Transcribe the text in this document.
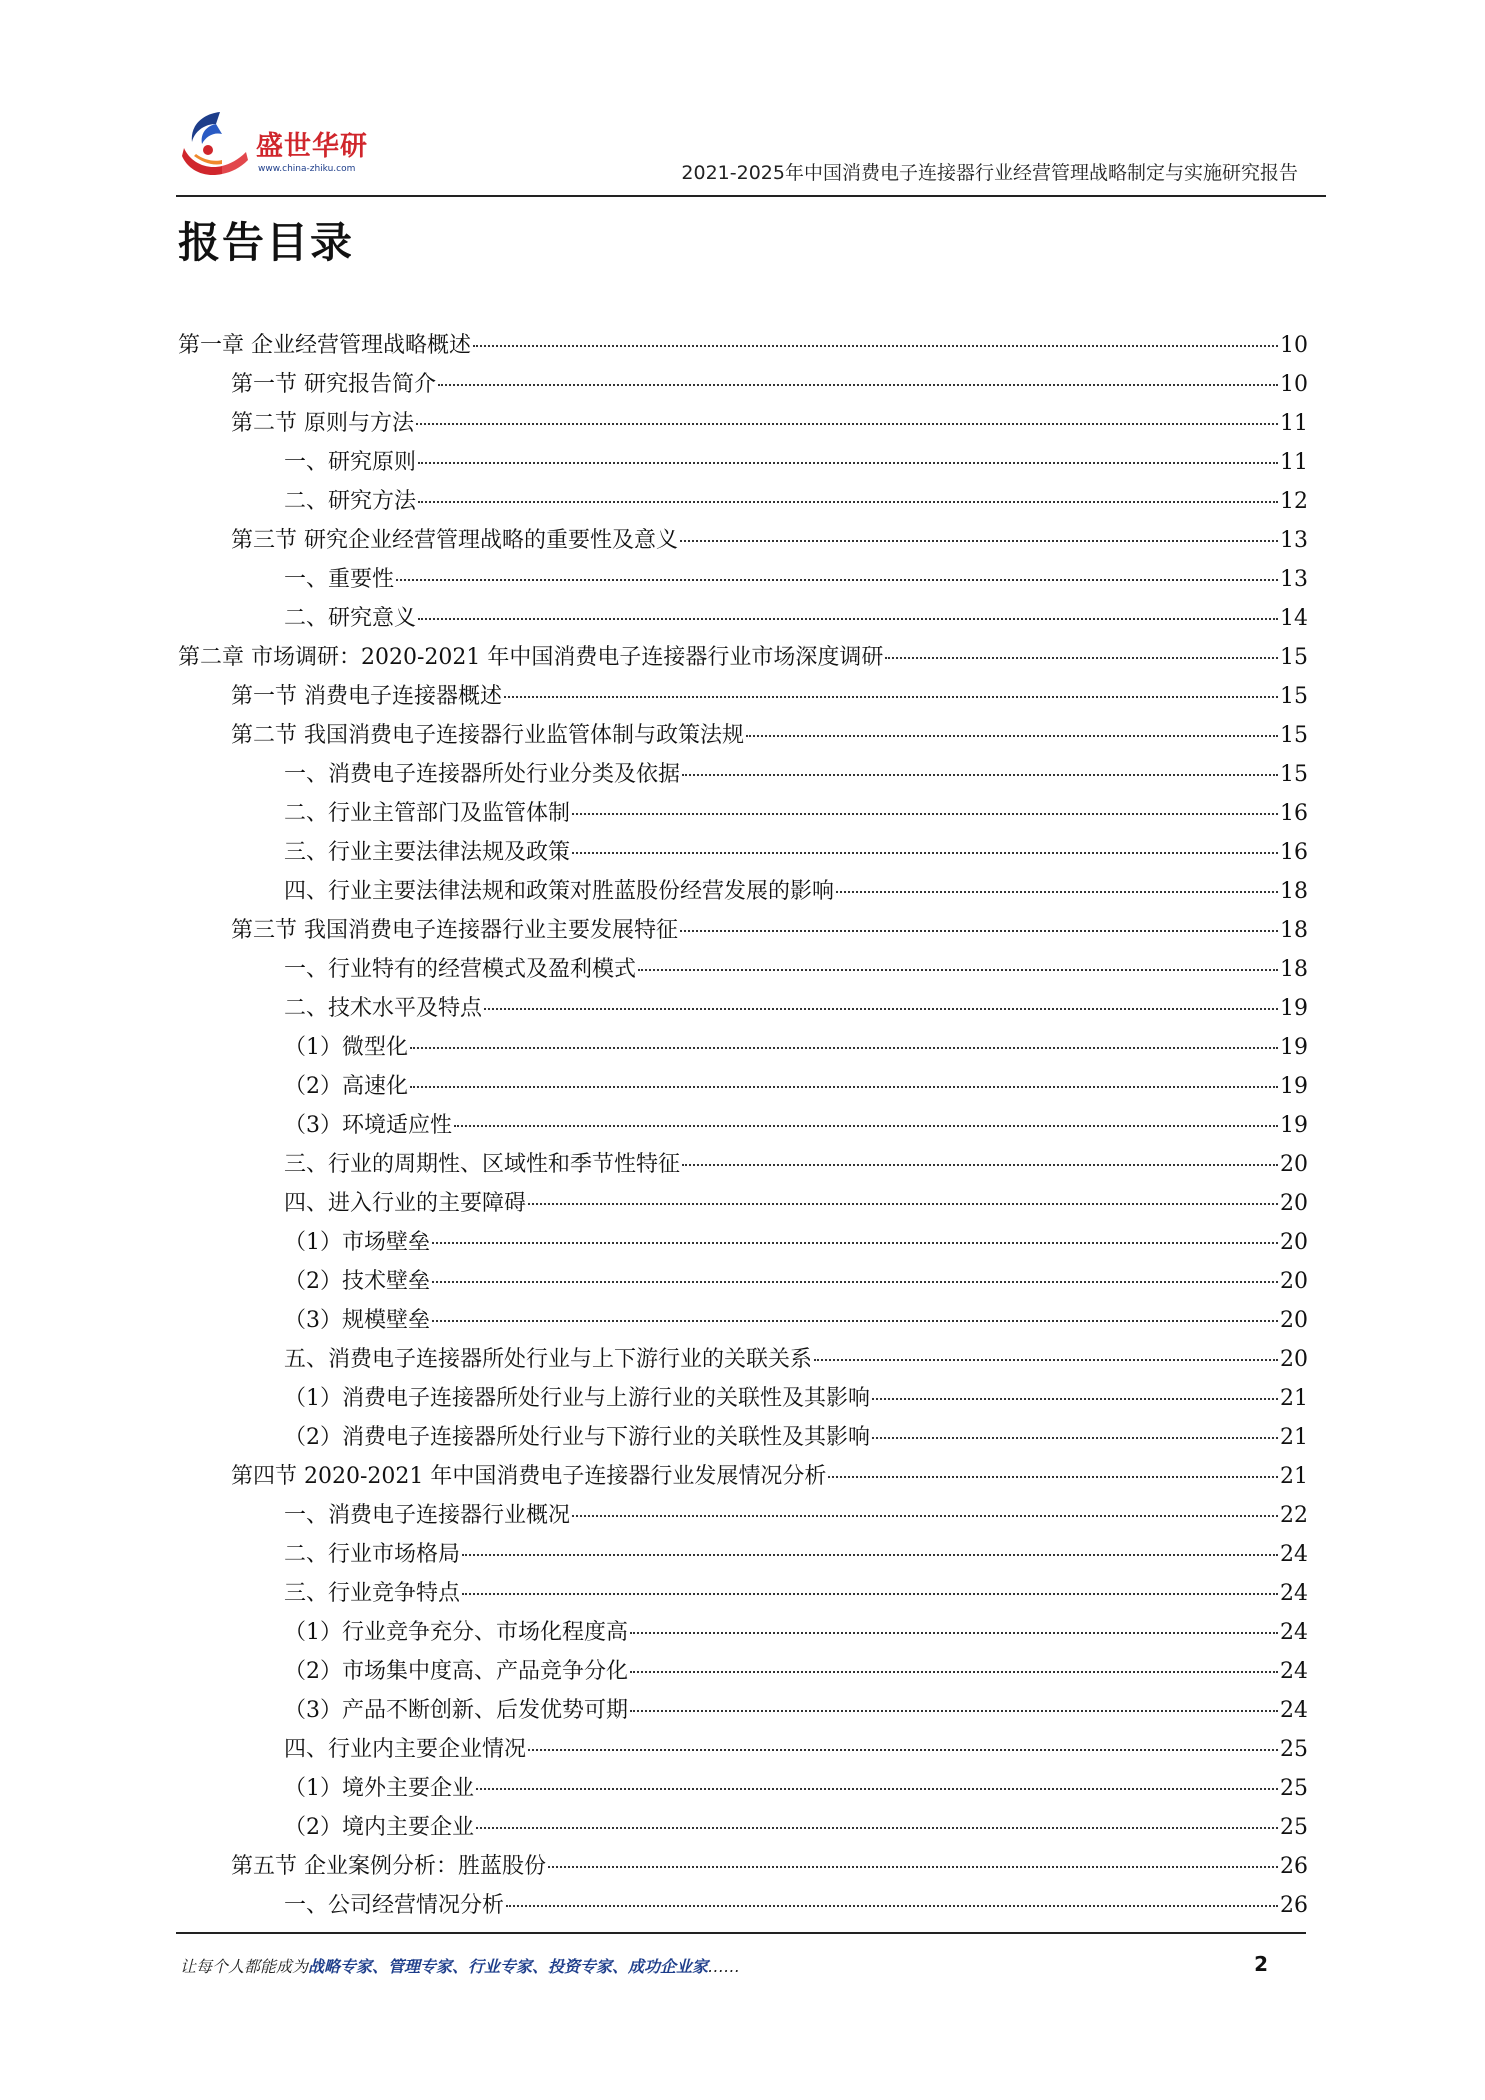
盛世华研
www.china-zhiku.com	2021-2025年中国消费电子连接器行业经营管理战略制定与实施研究报告
报告目录
第一章 企业经营管理战略概述	10
第一节 研究报告简介	10
第二节 原则与方法	11
一、研究原则	11
二、研究方法	12
第三节 研究企业经营管理战略的重要性及意义	13
一、重要性	13
二、研究意义	14
第二章 市场调研：2020-2021 年中国消费电子连接器行业市场深度调研	15
第一节 消费电子连接器概述	15
第二节 我国消费电子连接器行业监管体制与政策法规	15
一、消费电子连接器所处行业分类及依据	15
二、行业主管部门及监管体制	16
三、行业主要法律法规及政策	16
四、行业主要法律法规和政策对胜蓝股份经营发展的影响	18
第三节 我国消费电子连接器行业主要发展特征	18
一、行业特有的经营模式及盈利模式	18
二、技术水平及特点	19
（1）微型化	19
（2）高速化	19
（3）环境适应性	19
三、行业的周期性、区域性和季节性特征	20
四、进入行业的主要障碍	20
（1）市场壁垒	20
（2）技术壁垒	20
（3）规模壁垒	20
五、消费电子连接器所处行业与上下游行业的关联关系	20
（1）消费电子连接器所处行业与上游行业的关联性及其影响	21
（2）消费电子连接器所处行业与下游行业的关联性及其影响	21
第四节 2020-2021 年中国消费电子连接器行业发展情况分析	21
一、消费电子连接器行业概况	22
二、行业市场格局	24
三、行业竞争特点	24
（1）行业竞争充分、市场化程度高	24
（2）市场集中度高、产品竞争分化	24
（3）产品不断创新、后发优势可期	24
四、行业内主要企业情况	25
（1）境外主要企业	25
（2）境内主要企业	25
第五节 企业案例分析：胜蓝股份	26
一、公司经营情况分析	26
让每个人都能成为战略专家、管理专家、行业专家、投资专家、成功企业家……	2
